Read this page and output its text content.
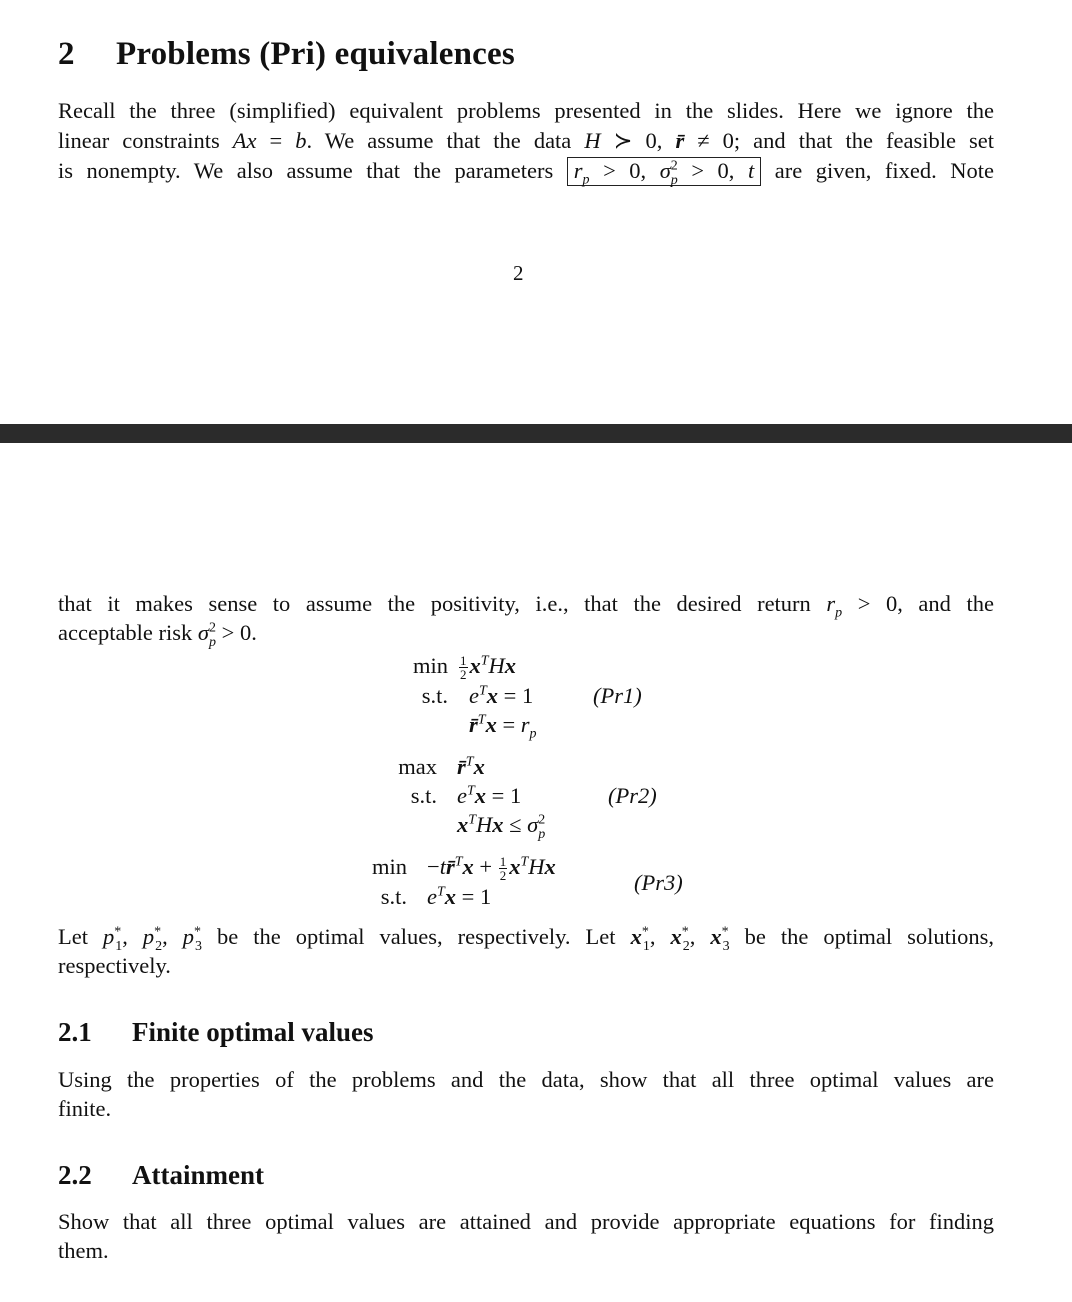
2 Problems (Pri) equivalences
Recall the three (simplified) equivalent problems presented in the slides. Here we ignore the
linear constraints Ax = b. We assume that the data H ≻ 0, r̄ ≠ 0; and that the feasible set
is nonempty. We also assume that the parameters $r_p > 0$, $\sigma^2_p > 0$, t are given, fixed. Note
2
that it makes sense to assume the positivity, i.e., that the desired return $r_p > 0$, and the
acceptable risk $\sigma^2_p > 0$.
$\min \frac{1}{2} x^THx$
s.t. $e^Tx = 1$
r̄$^T$x = $r_p$
(Pr1)
max r̄$^T$x
s.t. $e^Tx = 1$
$x^THx \le \sigma^2_p$
(Pr2)
min −tr̄$^T$x + $\frac{1}{2} x^THx$
s.t. $e^Tx = 1$
(Pr3)
Let $p^*_1$, $p^*_2$, $p^*_3$ be the optimal values, respectively. Let $x^*_1$, $x^*_2$, $x^*_3$ be the optimal solutions,
respectively.
2.1 Finite optimal values
Using the properties of the problems and the data, show that all three optimal values are
finite.
2.2 Attainment
Show that all three optimal values are attained and provide appropriate equations for finding
them.
